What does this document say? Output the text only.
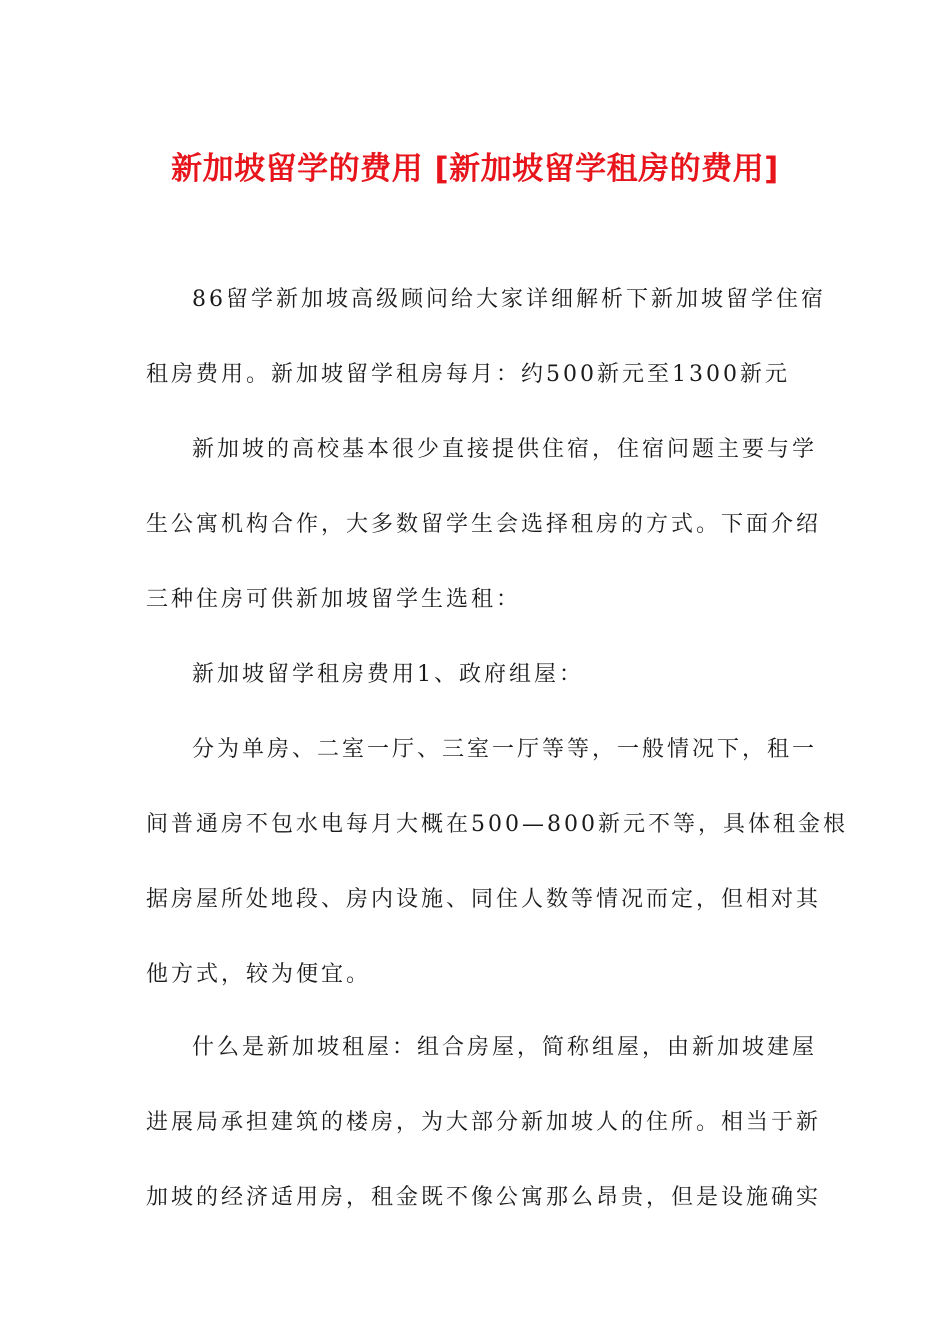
新加坡留学的费用 [新加坡留学租房的费用]
86留学新加坡高级顾问给大家详细解析下新加坡留学住宿
租房费用。新加坡留学租房每月：约500新元至1300新元
新加坡的高校基本很少直接提供住宿，住宿问题主要与学
生公寓机构合作，大多数留学生会选择租房的方式。下面介绍
三种住房可供新加坡留学生选租：
新加坡留学租房费用1、政府组屋：
分为单房、二室一厅、三室一厅等等，一般情况下，租一
间普通房不包水电每月大概在500—800新元不等，具体租金根
据房屋所处地段、房内设施、同住人数等情况而定，但相对其
他方式，较为便宜。
什么是新加坡租屋：组合房屋，简称组屋，由新加坡建屋
进展局承担建筑的楼房，为大部分新加坡人的住所。相当于新
加坡的经济适用房，租金既不像公寓那么昂贵，但是设施确实
